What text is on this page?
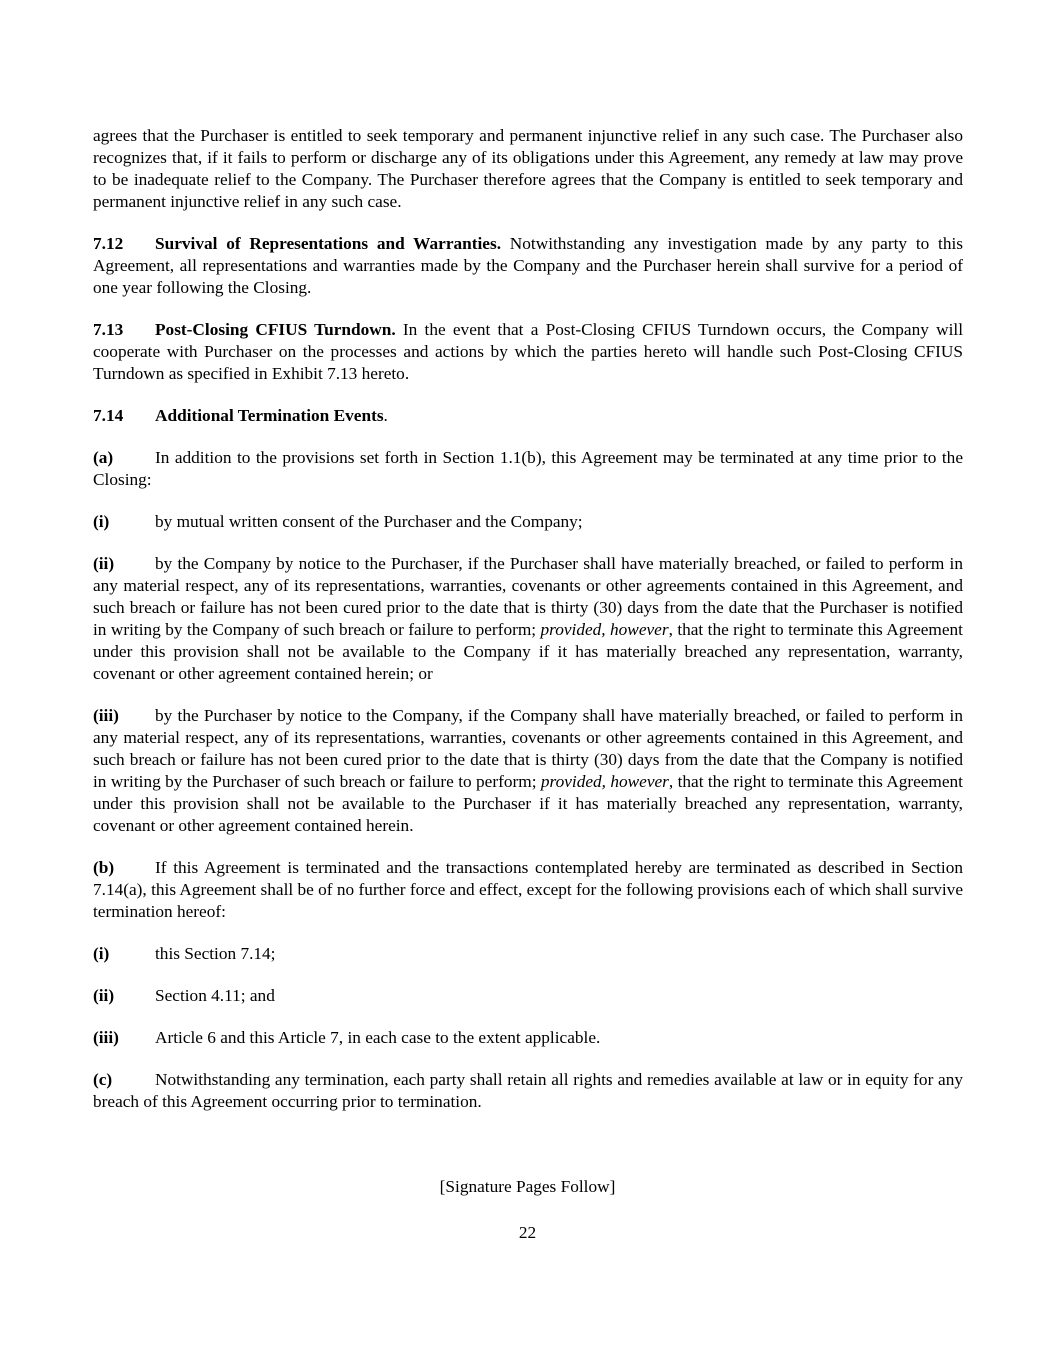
agrees that the Purchaser is entitled to seek temporary and permanent injunctive relief in any such case. The Purchaser also recognizes that, if it fails to perform or discharge any of its obligations under this Agreement, any remedy at law may prove to be inadequate relief to the Company. The Purchaser therefore agrees that the Company is entitled to seek temporary and permanent injunctive relief in any such case.

7.12 Survival of Representations and Warranties. Notwithstanding any investigation made by any party to this Agreement, all representations and warranties made by the Company and the Purchaser herein shall survive for a period of one year following the Closing.

7.13 Post-Closing CFIUS Turndown. In the event that a Post-Closing CFIUS Turndown occurs, the Company will cooperate with Purchaser on the processes and actions by which the parties hereto will handle such Post-Closing CFIUS Turndown as specified in Exhibit 7.13 hereto.

7.14 Additional Termination Events.

(a) In addition to the provisions set forth in Section 1.1(b), this Agreement may be terminated at any time prior to the Closing:

(i)	by mutual written consent of the Purchaser and the Company;

(ii) by the Company by notice to the Purchaser, if the Purchaser shall have materially breached, or failed to perform in any material respect, any of its representations, warranties, covenants or other agreements contained in this Agreement, and such breach or failure has not been cured prior to the date that is thirty (30) days from the date that the Purchaser is notified in writing by the Company of such breach or failure to perform; provided, however, that the right to terminate this Agreement under this provision shall not be available to the Company if it has materially breached any representation, warranty, covenant or other agreement contained herein; or

(iii) by the Purchaser by notice to the Company, if the Company shall have materially breached, or failed to perform in any material respect, any of its representations, warranties, covenants or other agreements contained in this Agreement, and such breach or failure has not been cured prior to the date that is thirty (30) days from the date that the Company is notified in writing by the Purchaser of such breach or failure to perform; provided, however, that the right to terminate this Agreement under this provision shall not be available to the Purchaser if it has materially breached any representation, warranty, covenant or other agreement contained herein.

(b) If this Agreement is terminated and the transactions contemplated hereby are terminated as described in Section 7.14(a), this Agreement shall be of no further force and effect, except for the following provisions each of which shall survive termination hereof:

(i)	this Section 7.14;

(ii) Section 4.11; and

(iii) Article 6 and this Article 7, in each case to the extent applicable.

(c) Notwithstanding any termination, each party shall retain all rights and remedies available at law or in equity for any breach of this Agreement occurring prior to termination.

[Signature Pages Follow]
22
